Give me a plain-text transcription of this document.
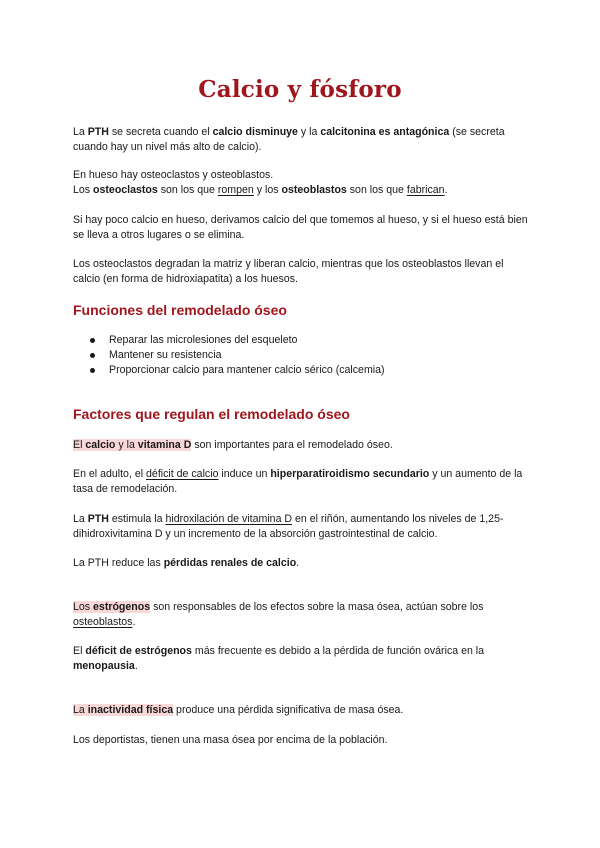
Calcio y fósforo
La PTH se secreta cuando el calcio disminuye y la calcitonina es antagónica (se secreta cuando hay un nivel más alto de calcio).
En hueso hay osteoclastos y osteoblastos.
Los osteoclastos son los que rompen y los osteoblastos son los que fabrican.
Si hay poco calcio en hueso, derivamos calcio del que tomemos al hueso, y si el hueso está bien se lleva a otros lugares o se elimina.
Los osteoclastos degradan la matriz y liberan calcio, mientras que los osteoblastos llevan el calcio (en forma de hidroxiapatita) a los huesos.
Funciones del remodelado óseo
Reparar las microlesiones del esqueleto
Mantener su resistencia
Proporcionar calcio para mantener calcio sérico (calcemia)
Factores que regulan el remodelado óseo
El calcio y la vitamina D son importantes para el remodelado óseo.
En el adulto, el déficit de calcio induce un hiperparatiroidismo secundario y un aumento de la tasa de remodelación.
La PTH estimula la hidroxilación de vitamina D en el riñón, aumentando los niveles de 1,25-dihidroxivitamina D y un incremento de la absorción gastrointestinal de calcio.
La PTH reduce las pérdidas renales de calcio.
Los estrógenos son responsables de los efectos sobre la masa ósea, actúan sobre los osteoblastos.
El déficit de estrógenos más frecuente es debido a la pérdida de función ovárica en la menopausia.
La inactividad física produce una pérdida significativa de masa ósea.
Los deportistas, tienen una masa ósea por encima de la población.
